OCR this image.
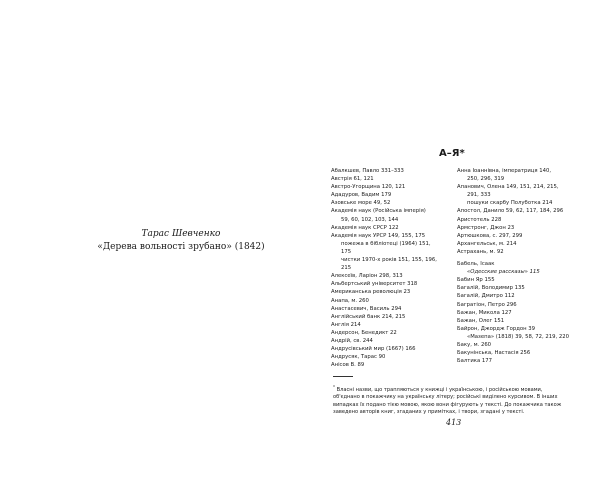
Тарас Шевченко
«Дерева вольності зрубано» (1842)
А–Я*
Абалкшев, Павло 331–333
Австрія 61, 121
Австро-Угорщина 120, 121
Ададуров, Вадим 179
Азовське море 49, 52
Академія наук (Російська імперія)
59, 60, 102, 103, 144
Академія наук СРСР 122
Академія наук УРСР 149, 155, 175
пожежа в бібліотеці (1964) 151,
175
чистки 1970-х років 151, 155, 196,
215
Алексеїв, Ларіон 298, 313
Альбертський університет 318
Американська революція 23
Анапа, м. 260
Анастасевич, Василь 294
Англійський банк 214, 215
Англія 214
Андерсон, Бенедикт 22
Андрій, св. 244
Андрусівський мир (1667) 166
Андрусяк, Тарас 90
Анісов В. 89
Анна Іоаннівна, імператриця 140,
250, 296, 319
Апанович, Олена 149, 151, 214, 215,
291, 333
пошуки скарбу Полуботка 214
Апостол, Данило 59, 62, 117, 184, 296
Аристотель 228
Армстронг, Джон 23
Артюшкова, с. 297, 299
Архангельськ, м. 214
Астрахань, м. 92
Бабель, Ісаак
«Одесские рассказы» 115
Бабин Яр 155
Багалій, Володимир 135
Багалій, Дмитро 112
Багратіон, Петро 296
Бажан, Микола 127
Бажан, Олег 151
Байрон, Джордж Гордон 39
«Мазепа» (1818) 39, 58, 72, 219, 220
Баку, м. 260
Бакунінська, Настасія 256
Балтика 177
* Власні назви, що трапляються у книжці і українською, і російською мовами,
об'єднано в покажчику на українську літеру; російські виділено курсивом. В інших
випадках їх подано тією мовою, якою вони фігурують у тексті. До покажчика також
заведено авторів книг, згаданих у примітках, і твори, згадані у тексті.
413
